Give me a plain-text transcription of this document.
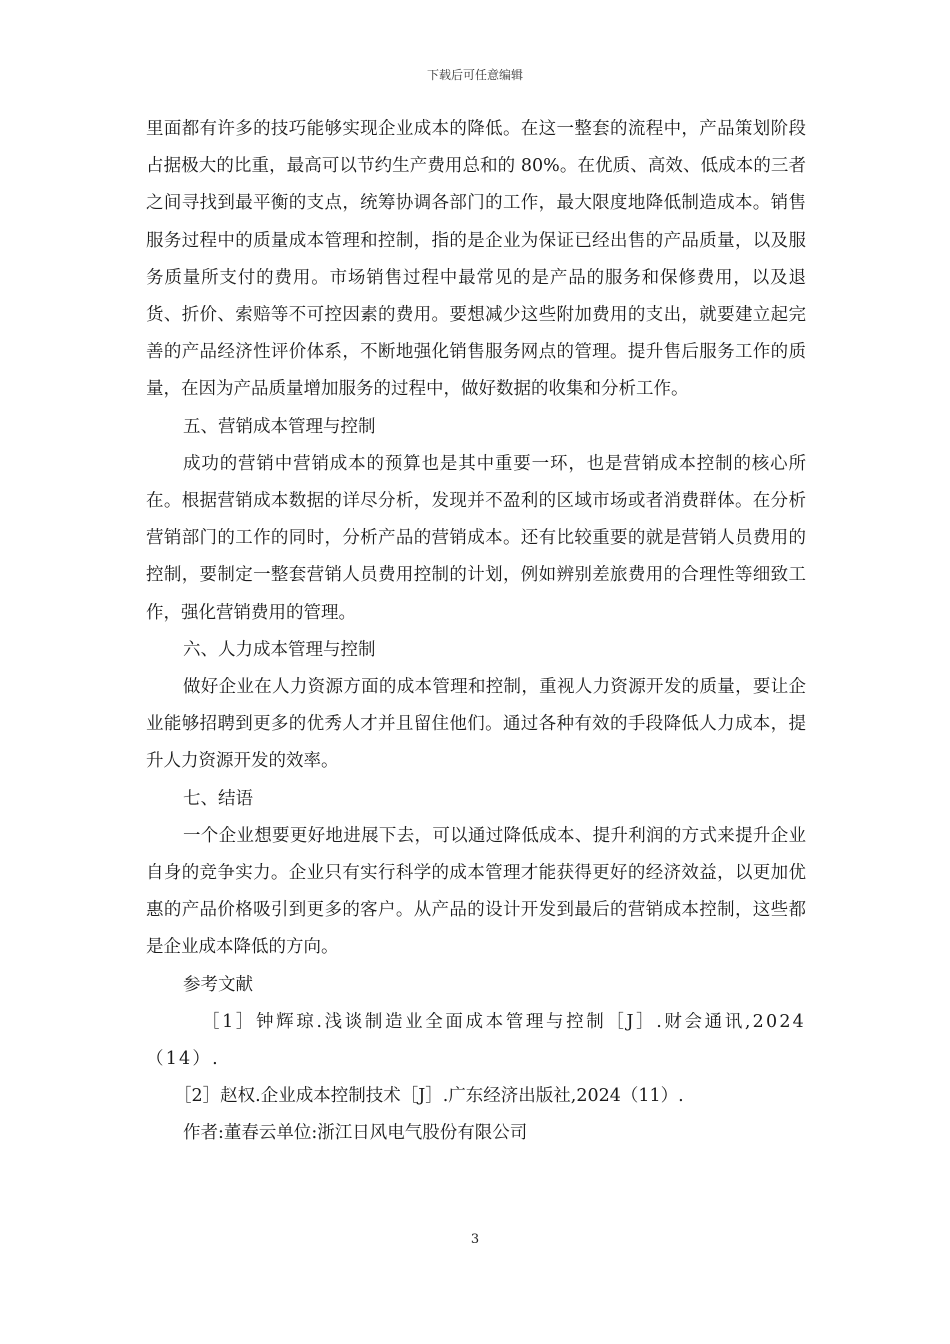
下载后可任意编辑

里面都有许多的技巧能够实现企业成本的降低。在这一整套的流程中，产品策划阶段占据极大的比重，最高可以节约生产费用总和的 80%。在优质、高效、低成本的三者之间寻找到最平衡的支点，统筹协调各部门的工作，最大限度地降低制造成本。销售服务过程中的质量成本管理和控制，指的是企业为保证已经出售的产品质量，以及服务质量所支付的费用。市场销售过程中最常见的是产品的服务和保修费用，以及退货、折价、索赔等不可控因素的费用。要想减少这些附加费用的支出，就要建立起完善的产品经济性评价体系，不断地强化销售服务网点的管理。提升售后服务工作的质量，在因为产品质量增加服务的过程中，做好数据的收集和分析工作。

五、营销成本管理与控制

成功的营销中营销成本的预算也是其中重要一环，也是营销成本控制的核心所在。根据营销成本数据的详尽分析，发现并不盈利的区域市场或者消费群体。在分析营销部门的工作的同时，分析产品的营销成本。还有比较重要的就是营销人员费用的控制，要制定一整套营销人员费用控制的计划，例如辨别差旅费用的合理性等细致工作，强化营销费用的管理。

六、人力成本管理与控制

做好企业在人力资源方面的成本管理和控制，重视人力资源开发的质量，要让企业能够招聘到更多的优秀人才并且留住他们。通过各种有效的手段降低人力成本，提升人力资源开发的效率。

七、结语

一个企业想要更好地进展下去，可以通过降低成本、提升利润的方式来提升企业自身的竞争实力。企业只有实行科学的成本管理才能获得更好的经济效益，以更加优惠的产品价格吸引到更多的客户。从产品的设计开发到最后的营销成本控制，这些都是企业成本降低的方向。

参考文献

［1］钟辉琼.浅谈制造业全面成本管理与控制［J］.财会通讯,2024（14）.

［2］赵权.企业成本控制技术［J］.广东经济出版社,2024（11）.

作者:董春云单位:浙江日风电气股份有限公司

3
